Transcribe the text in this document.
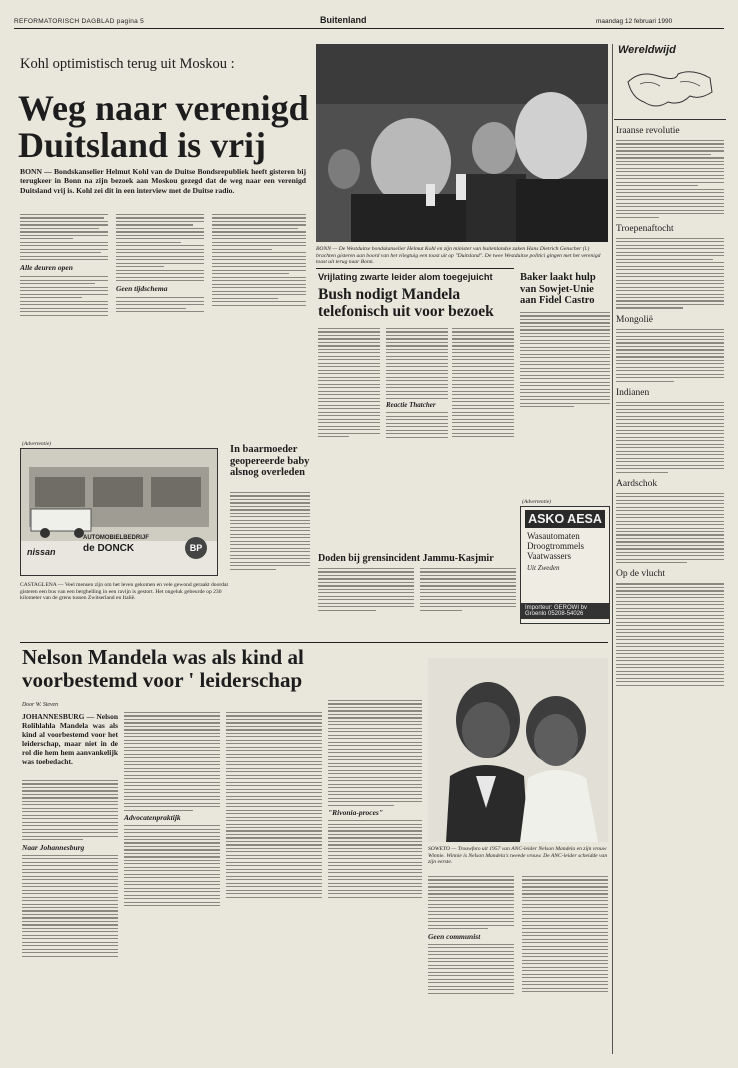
REFORMATORISCH DAGBLAD pagina 5	Buitenland	maandag 12 februari 1990
Kohl optimistisch terug uit Moskou :
Weg naar verenigd
Duitsland is vrij
BONN — Bondskanselier Helmut Kohl van de Duitse Bondsrepubliek heeft gisteren bij terugkeer in Bonn na zijn bezoek aan Moskou gezegd dat de weg naar een verenigd Duitsland vrij is. Kohl zei dit in een interview met de Duitse radio.
Alle deuren open
Geen tijdschema
BONN — De Westduitse bondskanselier Helmut Kohl en zijn minister van buitenlandse zaken Hans Dietrich Genscher (l.) brachten gisteren aan boord van het vliegtuig een toast uit op "Duitsland". De twee Westduitse politici gingen met het verenigd toast uit terug naar Bonn.
Wereldwijd
Iraanse revolutie
Troepenaftocht
Mongolië
Indianen
Aardschok
Op de vlucht
Vrijlating zwarte leider alom toegejuicht
Bush nodigt Mandela telefonisch uit voor bezoek
Reactie Thatcher
Baker laakt hulp van Sowjet-Unie aan Fidel Castro
(Advertentie)
ASKO AESA
Wasautomaten Droogtrommels Vaatwassers
Uit Zweden
Importeur: GEROWI bv
Groenlo 05208-54026
(Advertentie)
AUTOMOBIELBEDRIJF
de DONCK
nissan	BP
In baarmoeder geopereerde baby alsnog overleden
CASTAGLENA — Veel mensen zijn om het leven gekomen en vele gewond geraakt doordat gisteren een bus van een berghelling in een ravijn is gestort. Het ongeluk gebeurde op 230 kilometer van de grens tussen Zwitserland en Italië.
Doden bij grensincident Jammu-Kasjmir
Nelson Mandela was als kind al
voorbestemd voor ' leiderschap
Door W. Steven
JOHANNESBURG — Nelson Rolihlahla Mandela was als kind al voorbestemd voor het leiderschap, maar niet in de rol die hem hem aanvankelijk was toebedacht.
Naar Johannesburg
Advocatenpraktijk
"Rivonia-proces"
SOWETO — Trouwfoto uit 1957 van ANC-leider Nelson Mandela en zijn vrouw Winnie. Winnie is Nelson Mandela's tweede vrouw. De ANC-leider scheidde van zijn eerste.
Geen communist
